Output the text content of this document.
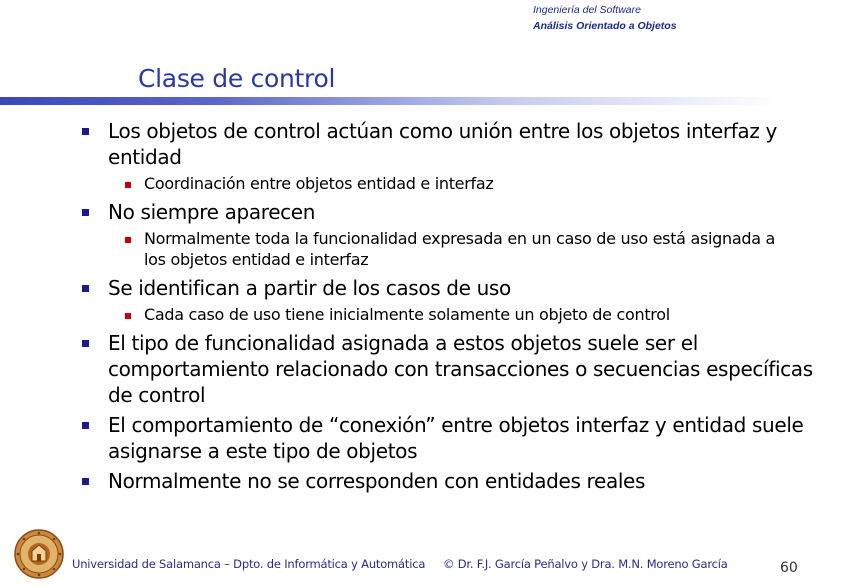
Ingeniería del Software
Análisis Orientado a Objetos
Clase de control
Los objetos de control actúan como unión entre los objetos interfaz y entidad
Coordinación entre objetos entidad e interfaz
No siempre aparecen
Normalmente toda la funcionalidad expresada en un caso de uso está asignada a los objetos entidad e interfaz
Se identifican a partir de los casos de uso
Cada caso de uso tiene inicialmente solamente un objeto de control
El tipo de funcionalidad asignada a estos objetos suele ser el comportamiento relacionado con transacciones o secuencias específicas de control
El comportamiento de “conexión” entre objetos interfaz y entidad suele asignarse a este tipo de objetos
Normalmente no se corresponden con entidades reales
Universidad de Salamanca – Dpto. de Informática y Automática © Dr. F.J. García Peñalvo y Dra. M.N. Moreno García	60
